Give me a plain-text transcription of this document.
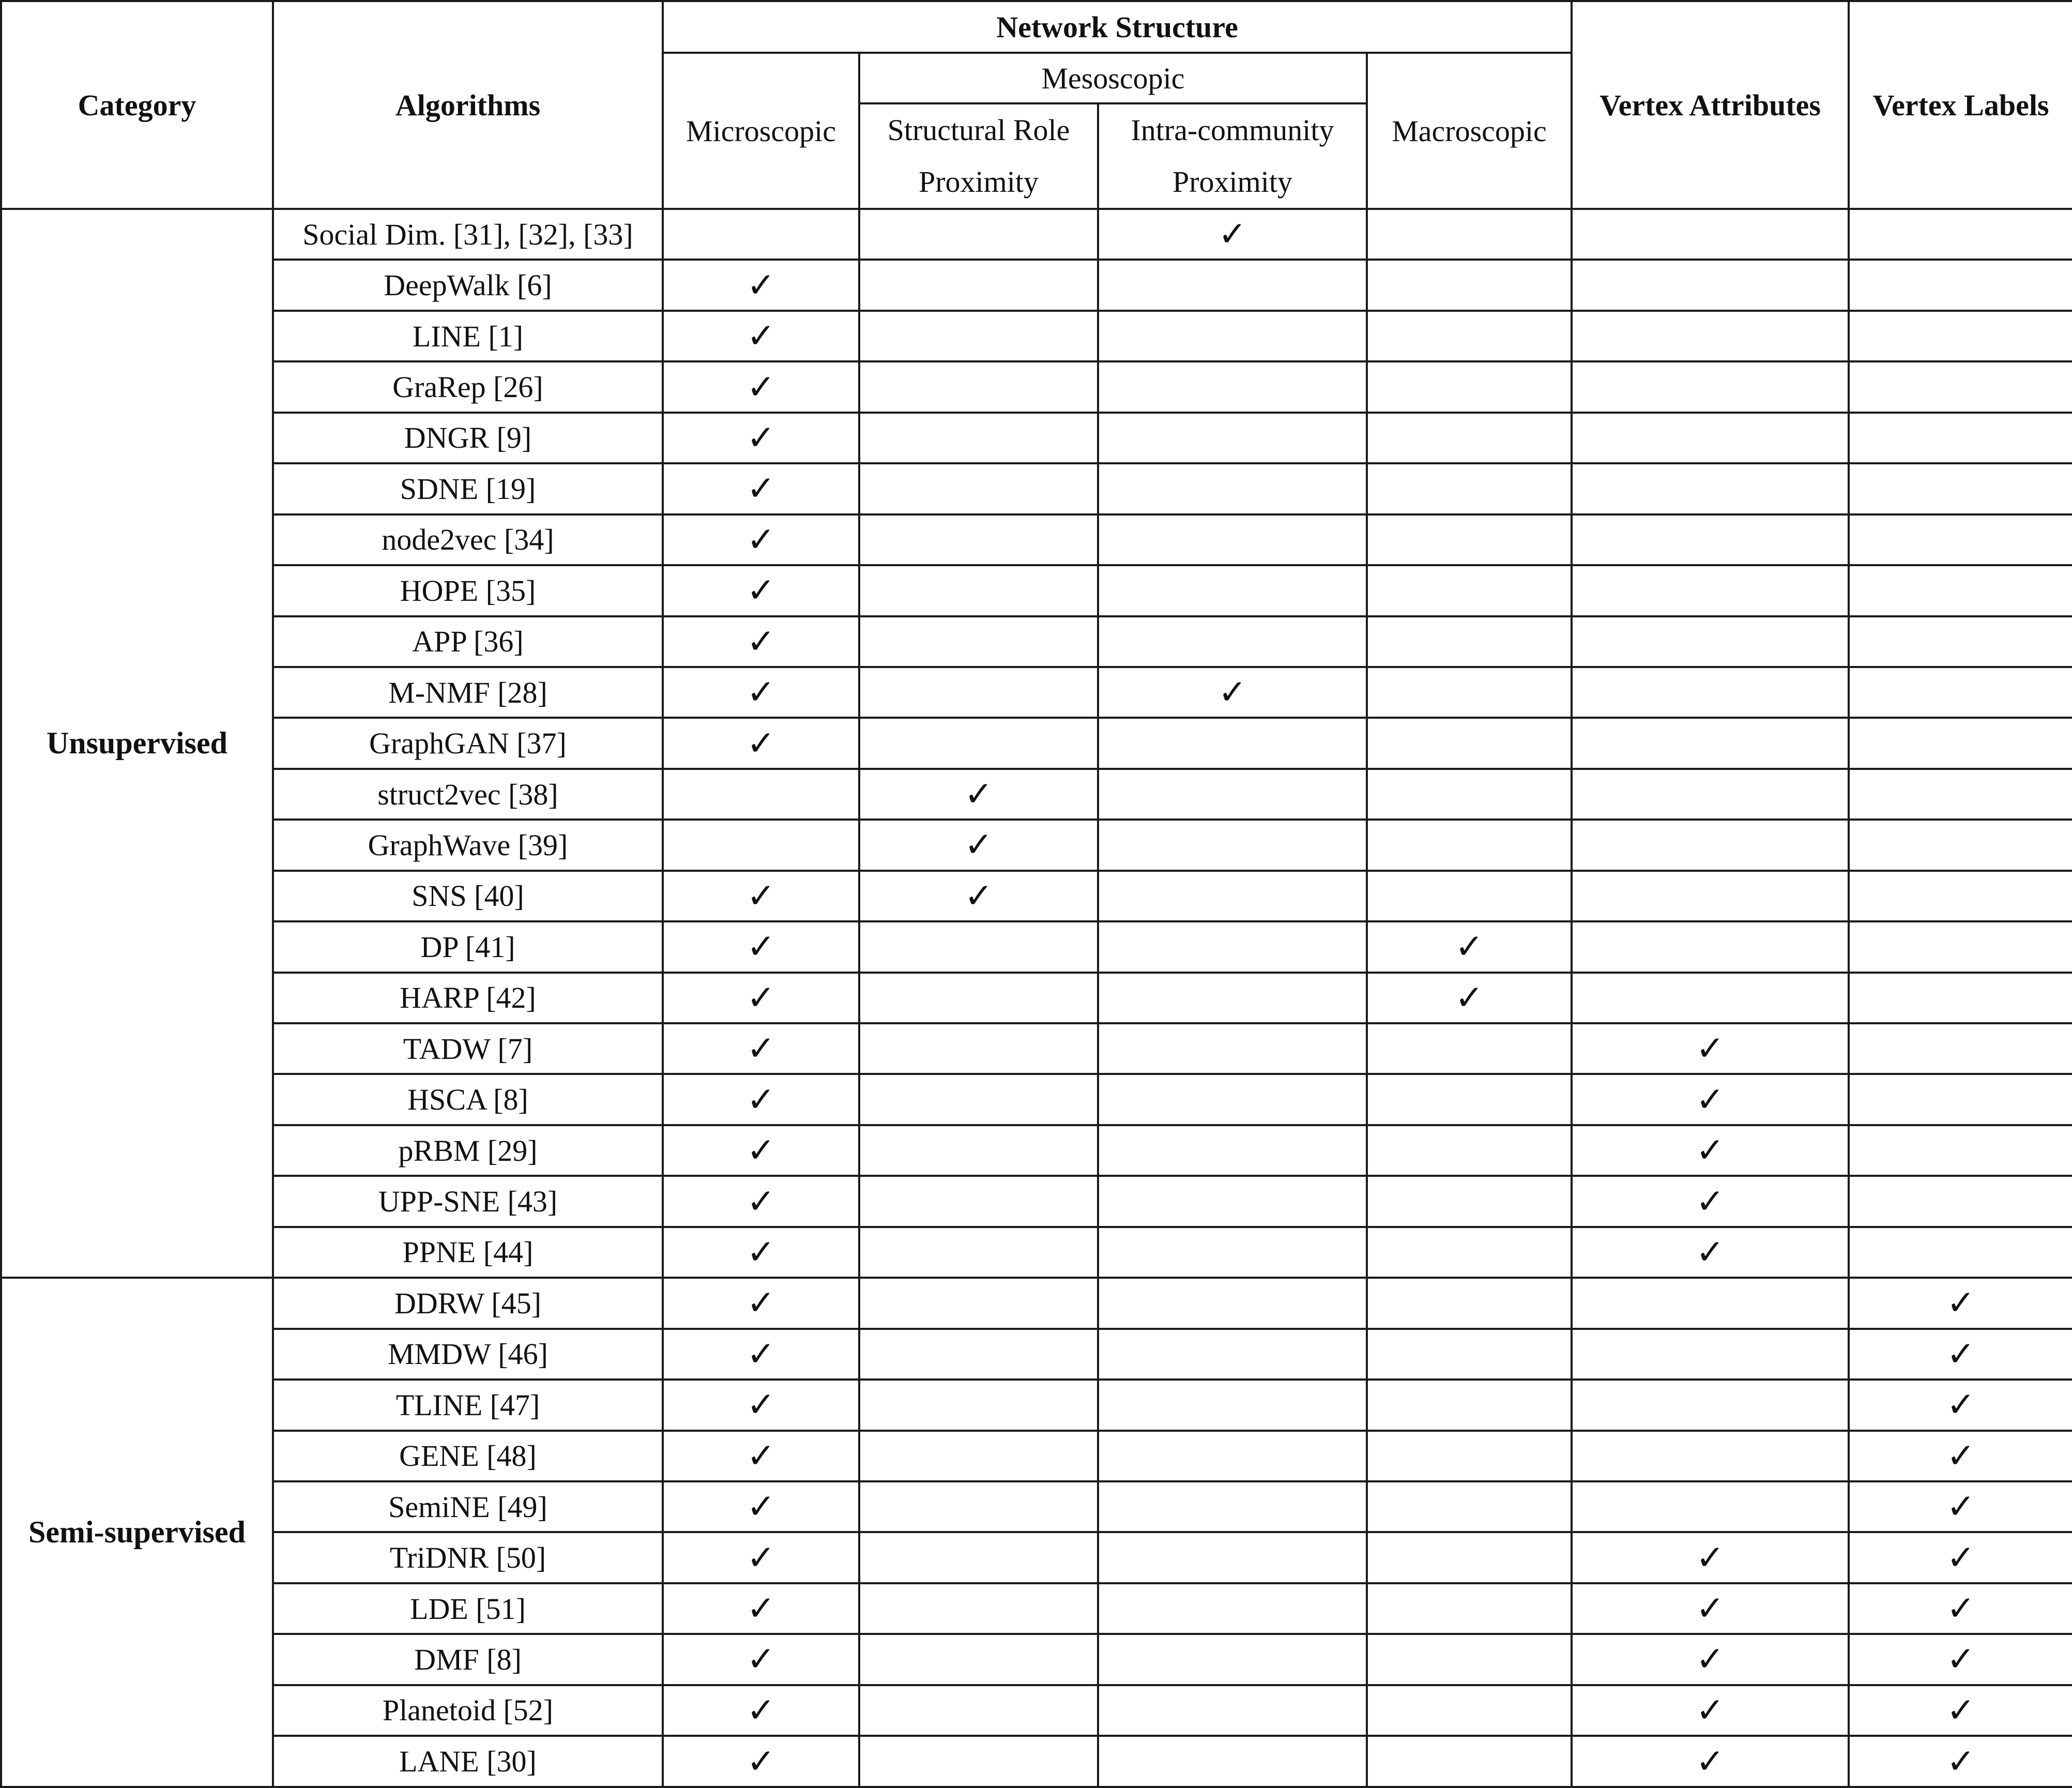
Category	Algorithms	Network Structure				Vertex Attributes	Vertex Labels
		Microscopic	Mesoscopic		Macroscopic		
			Structural Role Proximity	Intra-community Proximity			
Unsupervised	Social Dim. [31], [32], [33]			✓			
	DeepWalk [6]	✓					
	LINE [1]	✓					
	GraRep [26]	✓					
	DNGR [9]	✓					
	SDNE [19]	✓					
	node2vec [34]	✓					
	HOPE [35]	✓					
	APP [36]	✓					
	M-NMF [28]	✓		✓			
	GraphGAN [37]	✓					
	struct2vec [38]		✓				
	GraphWave [39]		✓				
	SNS [40]	✓	✓				
	DP [41]	✓			✓		
	HARP [42]	✓			✓		
	TADW [7]	✓				✓	
	HSCA [8]	✓				✓	
	pRBM [29]	✓				✓	
	UPP-SNE [43]	✓				✓	
	PPNE [44]	✓				✓	
Semi-supervised	DDRW [45]	✓					✓
	MMDW [46]	✓					✓
	TLINE [47]	✓					✓
	GENE [48]	✓					✓
	SemiNE [49]	✓					✓
	TriDNR [50]	✓				✓	✓
	LDE [51]	✓				✓	✓
	DMF [8]	✓				✓	✓
	Planetoid [52]	✓				✓	✓
	LANE [30]	✓				✓	✓
